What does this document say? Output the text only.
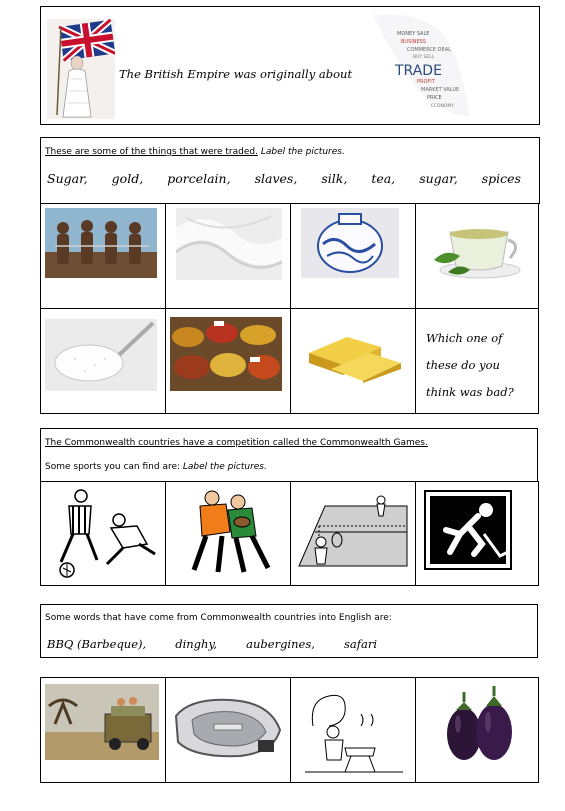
The British Empire was originally about
MONEY SALE
BUSINESS
COMMERCE DEAL
BUY SELL
TRADE
PROFIT
MARKET VALUE
PRICE
ECONOMY
These are some of the things that were traded. Label the pictures.
Sugar, gold, porcelain, slaves, silk, tea, sugar, spices
Which one of
these do you
think was bad?
The Commonwealth countries have a competition called the Commonwealth Games.
Some sports you can find are: Label the pictures.
Some words that have come from Commonwealth countries into English are:
BBQ (Barbeque),	dinghy,	aubergines,	safari
